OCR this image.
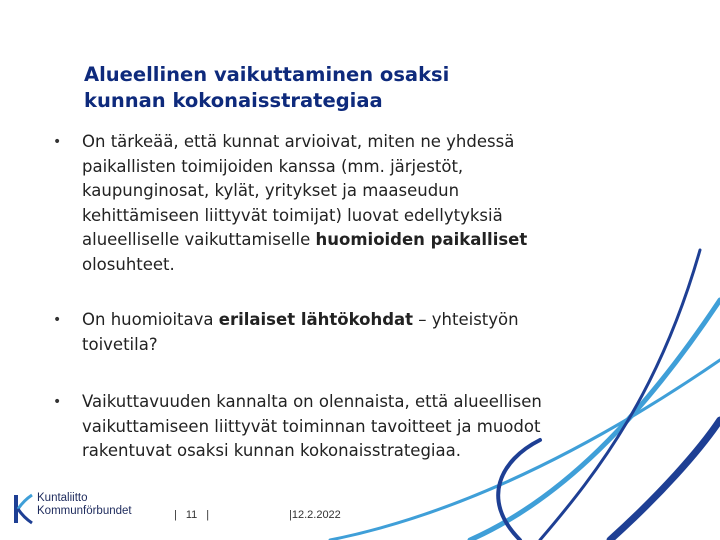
Alueellinen vaikuttaminen osaksi
kunnan kokonaisstrategiaa
• On tärkeää, että kunnat arvioivat, miten ne yhdessä
paikallisten toimijoiden kanssa (mm. järjestöt,
kaupunginosat, kylät, yritykset ja maaseudun
kehittämiseen liittyvät toimijat) luovat edellytyksiä
alueelliselle vaikuttamiselle huomioiden paikalliset
olosuhteet.
• On huomioitava erilaiset lähtökohdat – yhteistyön
toivetila?
• Vaikuttavuuden kannalta on olennaista, että alueellisen
vaikuttamiseen liittyvät toiminnan tavoitteet ja muodot
rakentuvat osaksi kunnan kokonaisstrategiaa.
Kuntaliitto
Kommunförbundet	| 11 |	|12.2.2022
